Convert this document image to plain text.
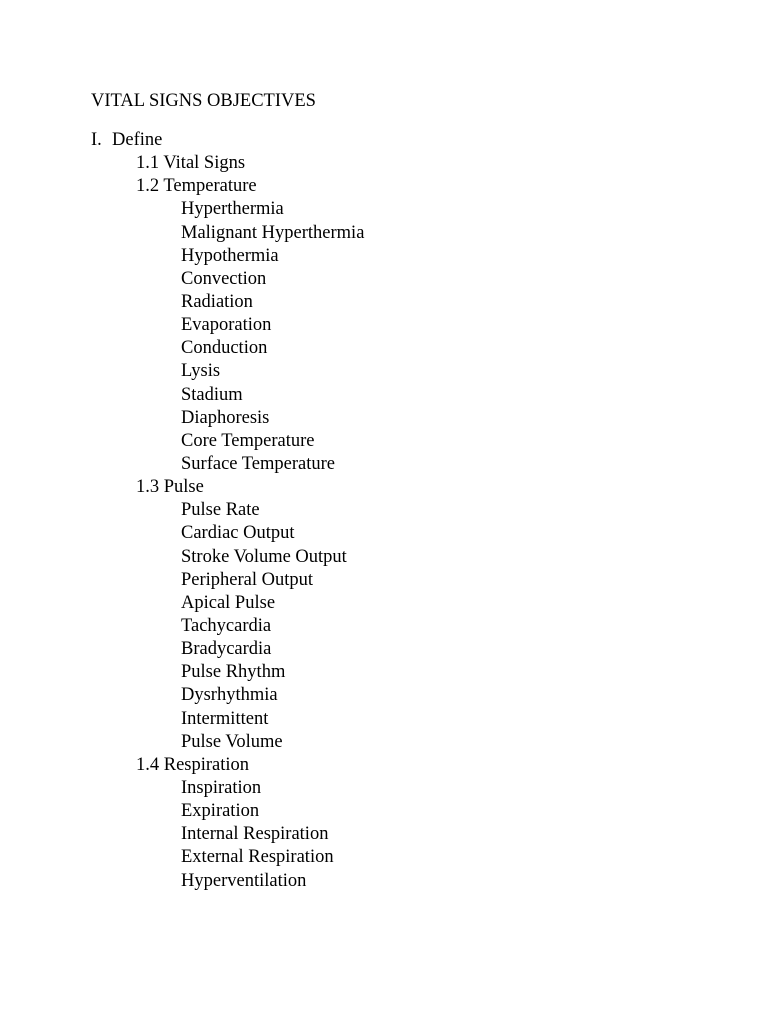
VITAL SIGNS OBJECTIVES
I. Define
1.1 Vital Signs
1.2 Temperature
Hyperthermia
Malignant Hyperthermia
Hypothermia
Convection
Radiation
Evaporation
Conduction
Lysis
Stadium
Diaphoresis
Core Temperature
Surface Temperature
1.3 Pulse
Pulse Rate
Cardiac Output
Stroke Volume Output
Peripheral Output
Apical Pulse
Tachycardia
Bradycardia
Pulse Rhythm
Dysrhythmia
Intermittent
Pulse Volume
1.4 Respiration
Inspiration
Expiration
Internal Respiration
External Respiration
Hyperventilation
